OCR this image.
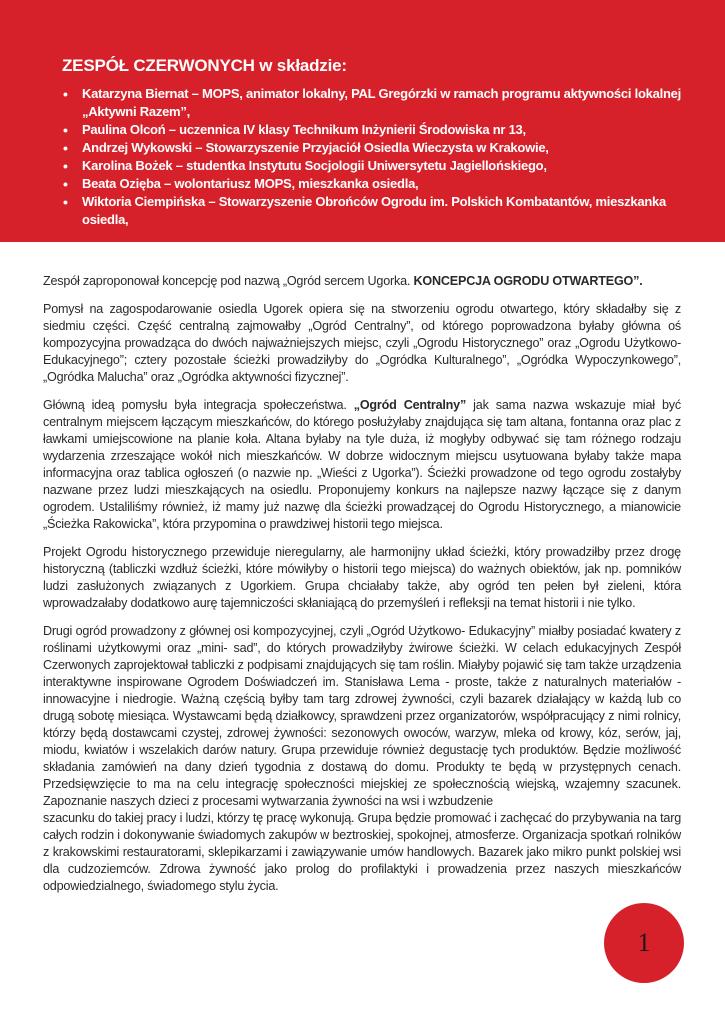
ZESPÓŁ CZERWONYCH w składzie:
• Katarzyna Biernat – MOPS, animator lokalny, PAL Gregórzki w ramach programu aktywności lokalnej „Aktywni Razem”,
• Paulina Olcoń – uczennica IV klasy Technikum Inżynierii Środowiska nr 13,
• Andrzej Wykowski – Stowarzyszenie Przyjaciół Osiedla Wieczysta w Krakowie,
• Karolina Bożek – studentka Instytutu Socjologii Uniwersytetu Jagiellońskiego,
• Beata Ozięba – wolontariusz MOPS, mieszkanka osiedla,
• Wiktoria Ciempińska – Stowarzyszenie Obrońców Ogrodu im. Polskich Kombatantów, mieszkanka osiedla,

Zespół zaproponował koncepcję pod nazwą „Ogród sercem Ugorka. KONCEPCJA OGRODU OTWARTEGO”.

Pomysł na zagospodarowanie osiedla Ugorek opiera się na stworzeniu ogrodu otwartego, który składałby się z siedmiu części. Część centralną zajmowałby „Ogród Centralny”, od którego poprowadzona byłaby główna oś kompozycyjna prowadząca do dwóch najważniejszych miejsc, czyli „Ogrodu Historycznego” oraz „Ogrodu Użytkowo-Edukacyjnego”; cztery pozostałe ścieżki prowadziłyby do „Ogródka Kulturalnego”, „Ogródka Wypoczynkowego”, „Ogródka Malucha” oraz „Ogródka aktywności fizycznej”.

Główną ideą pomysłu była integracja społeczeństwa. „Ogród Centralny” jak sama nazwa wskazuje miał być centralnym miejscem łączącym mieszkańców, do którego posłużyłaby znajdująca się tam altana, fontanna oraz plac z ławkami umiejscowione na planie koła. Altana byłaby na tyle duża, iż mogłyby odbywać się tam różnego rodzaju wydarzenia zrzeszające wokół nich mieszkańców. W dobrze widocznym miejscu usytuowana byłaby także mapa informacyjna oraz tablica ogłoszeń (o nazwie np. „Wieści z Ugorka”). Ścieżki prowadzone od tego ogrodu zostałyby nazwane przez ludzi mieszkających na osiedlu. Proponujemy konkurs na najlepsze nazwy łączące się z danym ogrodem. Ustaliliśmy również, iż mamy już nazwę dla ścieżki prowadzącej do Ogrodu Historycznego, a mianowicie „Ścieżka Rakowicka”, która przypomina o prawdziwej historii tego miejsca.

Projekt Ogrodu historycznego przewiduje nieregularny, ale harmonijny układ ścieżki, który prowadziłby przez drogę historyczną (tabliczki wzdłuż ścieżki, które mówiłyby o historii tego miejsca) do ważnych obiektów, jak np. pomników ludzi zasłużonych związanych z Ugorkiem. Grupa chciałaby także, aby ogród ten pełen był zieleni, która wprowadzałaby dodatkowo aurę tajemniczości skłaniającą do przemyśleń i refleksji na temat historii i nie tylko.

Drugi ogród prowadzony z głównej osi kompozycyjnej, czyli „Ogród Użytkowo- Edukacyjny” miałby posiadać kwatery z roślinami użytkowymi oraz „mini- sad”, do których prowadziłyby żwirowe ścieżki. W celach edukacyjnych Zespół Czerwonych zaprojektował tabliczki z podpisami znajdujących się tam roślin. Miałyby pojawić się tam także urządzenia interaktywne inspirowane Ogrodem Doświadczeń im. Stanisława Lema - proste, także z naturalnych materiałów - innowacyjne i niedrogie. Ważną częścią byłby tam targ zdrowej żywności, czyli bazarek działający w każdą lub co drugą sobotę miesiąca. Wystawcami będą działkowcy, sprawdzeni przez organizatorów, współpracujący z nimi rolnicy, którzy będą dostawcami czystej, zdrowej żywności: sezonowych owoców, warzyw, mleka od krowy, kóz, serów, jaj, miodu, kwiatów i wszelakich darów natury. Grupa przewiduje również degustację tych produktów. Będzie możliwość składania zamówień na dany dzień tygodnia z dostawą do domu. Produkty te będą w przystępnych cenach. Przedsięwzięcie to ma na celu integrację społeczności miejskiej ze społecznością wiejską, wzajemny szacunek. Zapoznanie naszych dzieci z procesami wytwarzania żywności na wsi i wzbudzenie

szacunku do takiej pracy i ludzi, którzy tę pracę wykonują. Grupa będzie promować i zachęcać do przybywania na targ całych rodzin i dokonywanie świadomych zakupów w beztroskiej, spokojnej, atmosferze. Organizacja spotkań rolników z krakowskimi restauratorami, sklepikarzami i zawiązywanie umów handlowych. Bazarek jako mikro punkt polskiej wsi dla cudzoziemców. Zdrowa żywność jako prolog do profilaktyki i prowadzenia przez naszych mieszkańców odpowiedzialnego, świadomego stylu życia.

1
